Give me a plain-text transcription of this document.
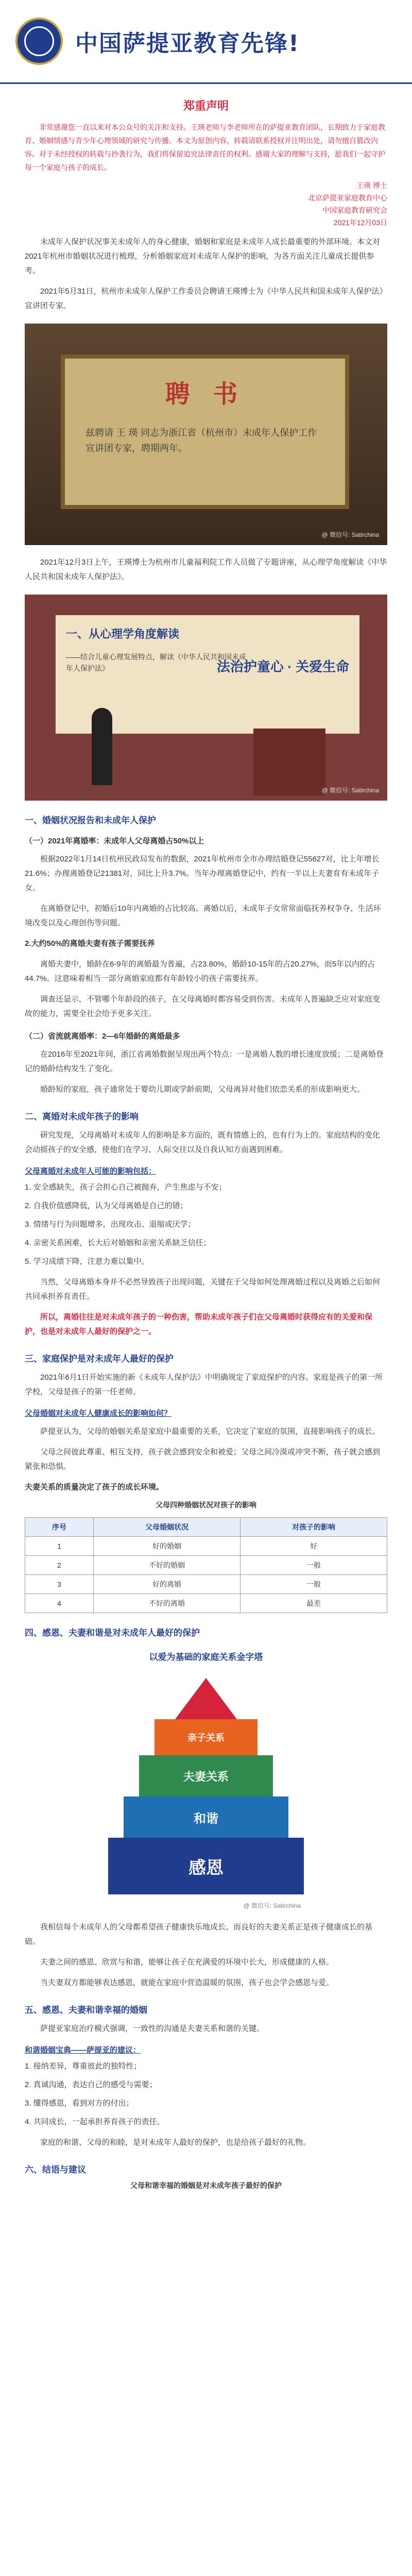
中国萨提亚教育先锋!
郑重声明

非常感谢您一直以来对本公众号的关注和支持。王瑛老师与李老师所在的萨提亚教育团队，长期致力于家庭教育、婚姻情感与青少年心理领域的研究与传播。本文为原创内容，转载请联系授权并注明出处，请勿擅自篡改内容。对于未经授权的转载与抄袭行为，我们将保留追究法律责任的权利。感谢大家的理解与支持，愿我们一起守护每一个家庭与孩子的成长。

王瑛 博士
北京萨提亚家庭教育中心
中国家庭教育研究会
2021年12月03日

未成年人保护状况事关未成年人的身心健康，婚姻和家庭是未成年人成长最重要的外部环境。本文对2021年杭州市婚姻状况进行梳理，分析婚姻家庭对未成年人保护的影响，为各方面关注儿童成长提供参考。

2021年5月31日，杭州市未成年人保护工作委员会聘请王瑛博士为《中华人民共和国未成年人保护法》宣讲团专家。

聘 书
兹聘请 王 瑛 同志为浙江省（杭州市）未成年人保护工作宣讲团专家，聘期两年。
@ 微信号: Satirchina

2021年12月3日上午，王瑛博士为杭州市儿童福利院工作人员做了专题讲座，从心理学角度解读《中华人民共和国未成年人保护法》。

一、从心理学角度解读
——结合儿童心理发展特点，解读《中华人民共和国未成年人保护法》	法治护童心 · 关爱生命
@ 微信号: Satirchina
一、婚姻状况报告和未成年人保护
（一）2021年离婚率：未成年人父母离婚占50%以上

根据2022年1月14日杭州民政局发布的数据，2021年杭州市全市办理结婚登记55627对，比上年增长21.6%；办理离婚登记21381对，同比上升3.7%。当年办理离婚登记中，约有一半以上夫妻育有未成年子女。

在离婚登记中，初婚后10年内离婚的占比较高。离婚以后，未成年子女常常面临抚养权争夺、生活环境改变以及心理创伤等问题。

2.大约50%的离婚夫妻有孩子需要抚养

离婚夫妻中，婚龄在6-9年的离婚最为普遍，占23.80%，婚龄10-15年的占20.27%，而5年以内的占44.7%。这意味着相当一部分离婚家庭都有年龄较小的孩子需要抚养。

调查还显示，不管哪个年龄段的孩子，在父母离婚时都容易受到伤害。未成年人普遍缺乏应对家庭变故的能力，需要全社会给予更多关注。

（二）省流就离婚率：2—6年婚龄的离婚最多

在2016年至2021年间，浙江省离婚数据呈现出两个特点：一是离婚人数的增长速度放缓；二是离婚登记的婚龄结构发生了变化。

婚龄短的家庭，孩子通常处于婴幼儿期或学龄前期，父母离异对他们依恋关系的形成影响更大。

二、离婚对未成年孩子的影响

研究发现，父母离婚对未成年人的影响是多方面的，既有情感上的，也有行为上的。家庭结构的变化会动摇孩子的安全感，使他们在学习、人际交往以及自我认知方面遇到困难。

父母离婚对未成年人可能的影响包括：
1. 安全感缺失，孩子会担心自己被抛弃，产生焦虑与不安；
2. 自我价值感降低，认为父母离婚是自己的错；
3. 情绪与行为问题增多，出现攻击、退缩或厌学；
4. 亲密关系困难，长大后对婚姻和亲密关系缺乏信任；
5. 学习成绩下降，注意力难以集中。

当然，父母离婚本身并不必然导致孩子出现问题，关键在于父母如何处理离婚过程以及离婚之后如何共同承担养育责任。

所以，离婚往往是对未成年孩子的一种伤害，帮助未成年孩子们在父母离婚时获得应有的关爱和保护，也是对未成年人最好的保护之一。

三、家庭保护是对未成年人最好的保护

2021年6月1日开始实施的新《未成年人保护法》中明确规定了家庭保护的内容。家庭是孩子的第一所学校，父母是孩子的第一任老师。

父母婚姻对未成年人健康成长的影响如何？

萨提亚认为，父母的婚姻关系是家庭中最重要的关系，它决定了家庭的氛围，直接影响孩子的成长。

父母之间彼此尊重、相互支持，孩子就会感到安全和被爱；父母之间冷漠或冲突不断，孩子就会感到紧张和恐惧。

夫妻关系的质量决定了孩子的成长环境。
父母四种婚姻状况对孩子的影响
序号	父母婚姻状况	对孩子的影响
1	好的婚姻	好
2	不好的婚姻	一般
3	好的离婚	一般
4	不好的离婚	最差
四、感恩、夫妻和谐是对未成年人最好的保护
以爱为基础的家庭关系金字塔
亲子关系
夫妻关系
和谐
感恩
@ 微信号: Satirchina

我相信每个未成年人的父母都希望孩子健康快乐地成长。而良好的夫妻关系正是孩子健康成长的基础。

夫妻之间的感恩、欣赏与和谐，能够让孩子在充满爱的环境中长大，形成健康的人格。

当夫妻双方都能够表达感恩，就能在家庭中营造温暖的氛围，孩子也会学会感恩与爱。

五、感恩、夫妻和谐幸福的婚姻

萨提亚家庭治疗模式强调，一致性的沟通是夫妻关系和谐的关键。

和谐婚姻宝典——萨提亚的建议：
1. 接纳差异，尊重彼此的独特性；
2. 真诚沟通，表达自己的感受与需要；
3. 懂得感恩，看到对方的付出；
4. 共同成长，一起承担养育孩子的责任。

家庭的和谐、父母的和睦，是对未成年人最好的保护，也是给孩子最好的礼物。

六、结语与建议
父母和谐幸福的婚姻是对未成年孩子最好的保护
